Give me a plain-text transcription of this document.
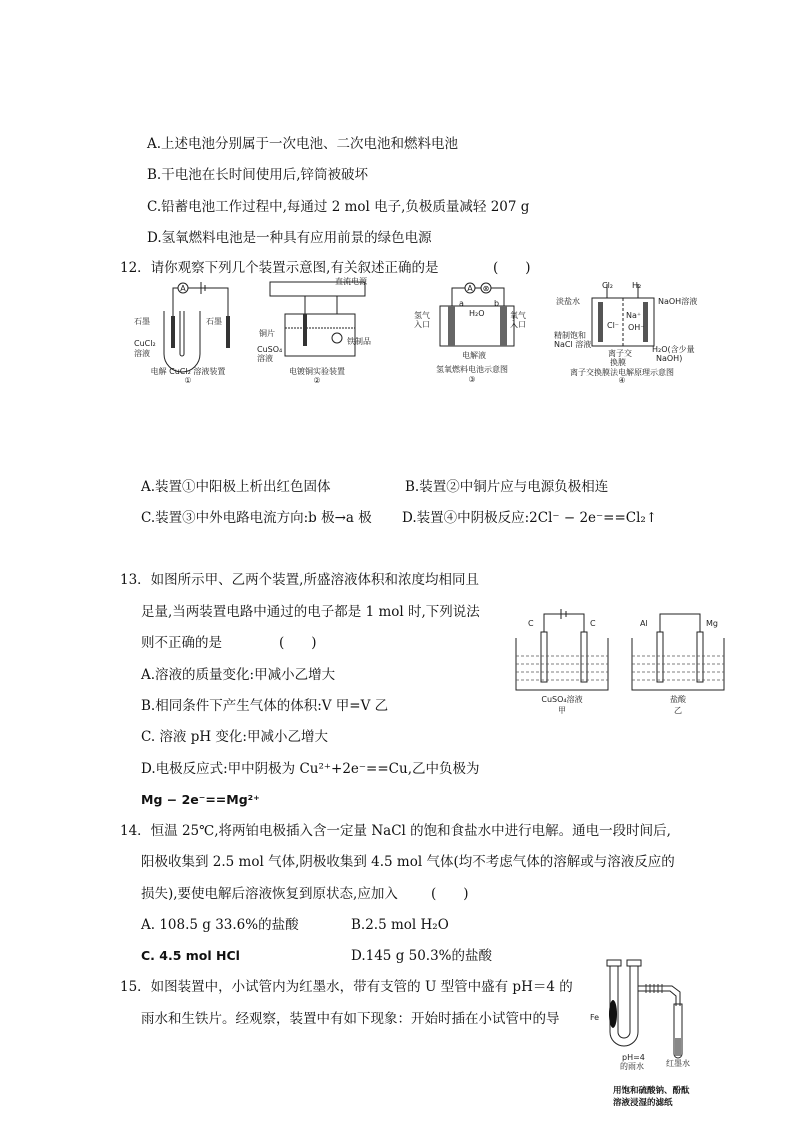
A.上述电池分别属于一次电池、二次电池和燃料电池
B.干电池在长时间使用后,锌筒被破坏
C.铅蓄电池工作过程中,每通过 2 mol 电子,负极质量减轻 207 g
D.氢氧燃料电池是一种具有应用前景的绿色电源
12．请你观察下列几个装置示意图,有关叙述正确的是	(　　)
A
石墨	石墨
CuCl₂
溶液
电解 CuCl₂ 溶液装置
①
直流电源
铜片
CuSO₄
溶液
铁制品
电镀铜实验装置
②
A ⊗
a	b
H₂O
氢气
入口
氧气
入口
电解液
氢氧燃料电池示意图
③
Cl₂ H₂
淡盐水	NaOH溶液
Na⁺
Cl⁻ OH⁻
精制饱和
NaCl 溶液
离子交
换膜
H₂O(含少量
NaOH)
离子交换膜法电解原理示意图
④
A.装置①中阳极上析出红色固体	B.装置②中铜片应与电源负极相连
C.装置③中外电路电流方向:b 极→a 极 D.装置④中阴极反应:2Cl⁻ − 2e⁻==Cl₂↑
13．如图所示甲、乙两个装置,所盛溶液体积和浓度均相同且
足量,当两装置电路中通过的电子都是 1 mol 时,下列说法
则不正确的是	(　　)
A.溶液的质量变化:甲减小乙增大
B.相同条件下产生气体的体积:V 甲=V 乙
C. 溶液 pH 变化:甲减小乙增大
D.电极反应式:甲中阴极为 Cu²⁺+2e⁻==Cu,乙中负极为
Mg − 2e⁻==Mg²⁺
C	C
CuSO₄溶液
甲
Al	Mg
盐酸
乙
14．恒温 25℃,将两铂电极插入含一定量 NaCl 的饱和食盐水中进行电解。通电一段时间后,
阳极收集到 2.5 mol 气体,阴极收集到 4.5 mol 气体(均不考虑气体的溶解或与溶液反应的
损失),要使电解后溶液恢复到原状态,应加入 (　　)
A. 108.5 g 33.6%的盐酸	B.2.5 mol H₂O
C. 4.5 mol HCl	D.145 g 50.3%的盐酸
15．如图装置中，小试管内为红墨水，带有支管的 U 型管中盛有 pH＝4 的
雨水和生铁片。经观察，装置中有如下现象：开始时插在小试管中的导	Fe
pH=4
的雨水	红墨水
用饱和硫酸钠、酚酞
溶液浸湿的滤纸
